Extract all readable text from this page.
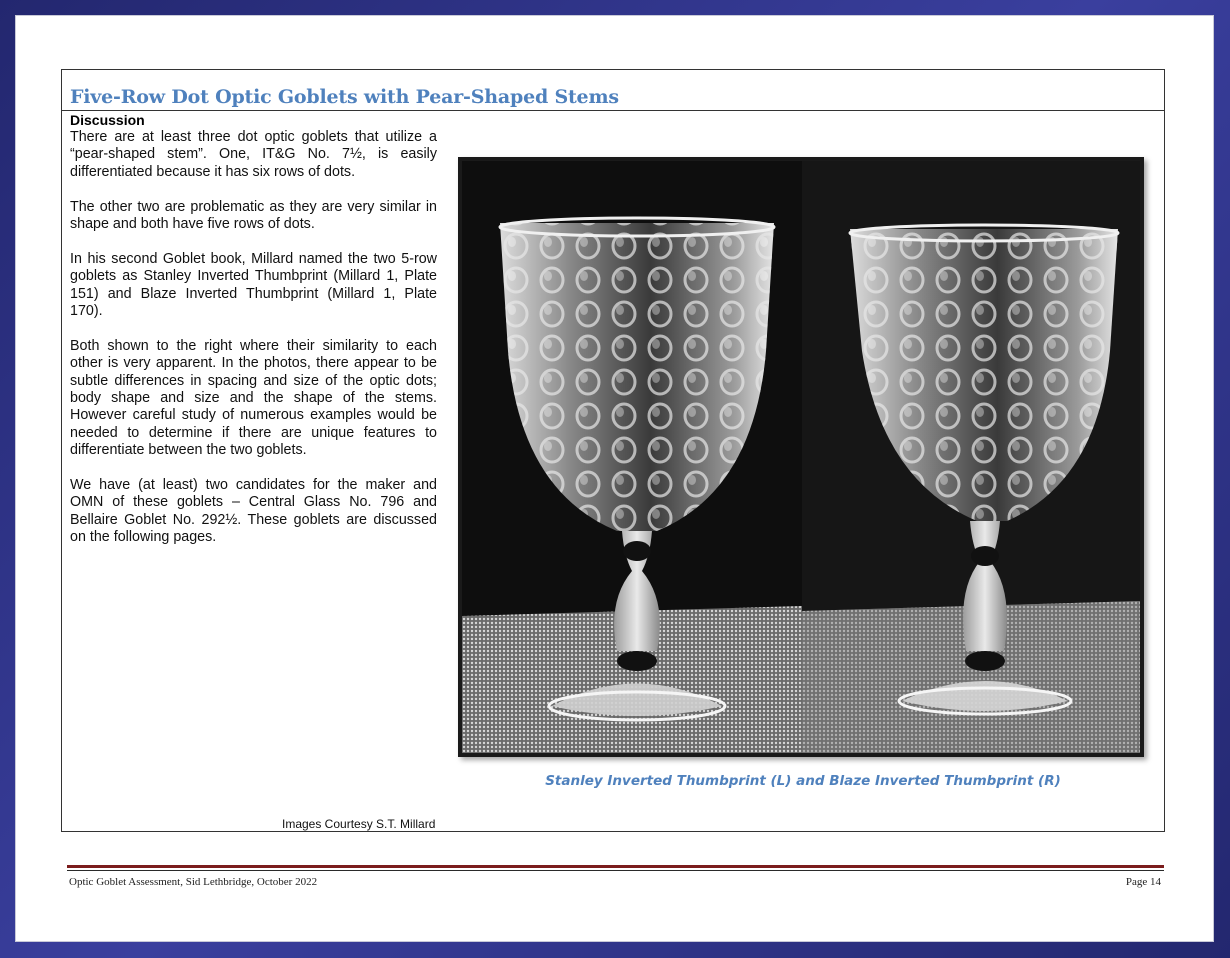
Five-Row Dot Optic Goblets with Pear-Shaped Stems
Discussion

There are at least three dot optic goblets that utilize a “pear-shaped stem”. One, IT&G No. 7½, is easily differentiated because it has six rows of dots.

The other two are problematic as they are very similar in shape and both have five rows of dots.

In his second Goblet book, Millard named the two 5-row goblets as Stanley Inverted Thumbprint (Millard 1, Plate 151) and Blaze Inverted Thumbprint (Millard 1, Plate 170).

Both shown to the right where their similarity to each other is very apparent. In the photos, there appear to be subtle differences in spacing and size of the optic dots; body shape and size and the shape of the stems. However careful study of numerous examples would be needed to determine if there are unique features to differentiate between the two goblets.

We have (at least) two candidates for the maker and OMN of these goblets – Central Glass No. 796 and Bellaire Goblet No. 292½. These goblets are discussed on the following pages.

Images Courtesy S.T. Millard
Stanley Inverted Thumbprint (L) and Blaze Inverted Thumbprint (R)
Optic Goblet Assessment, Sid Lethbridge, October 2022	Page 14
